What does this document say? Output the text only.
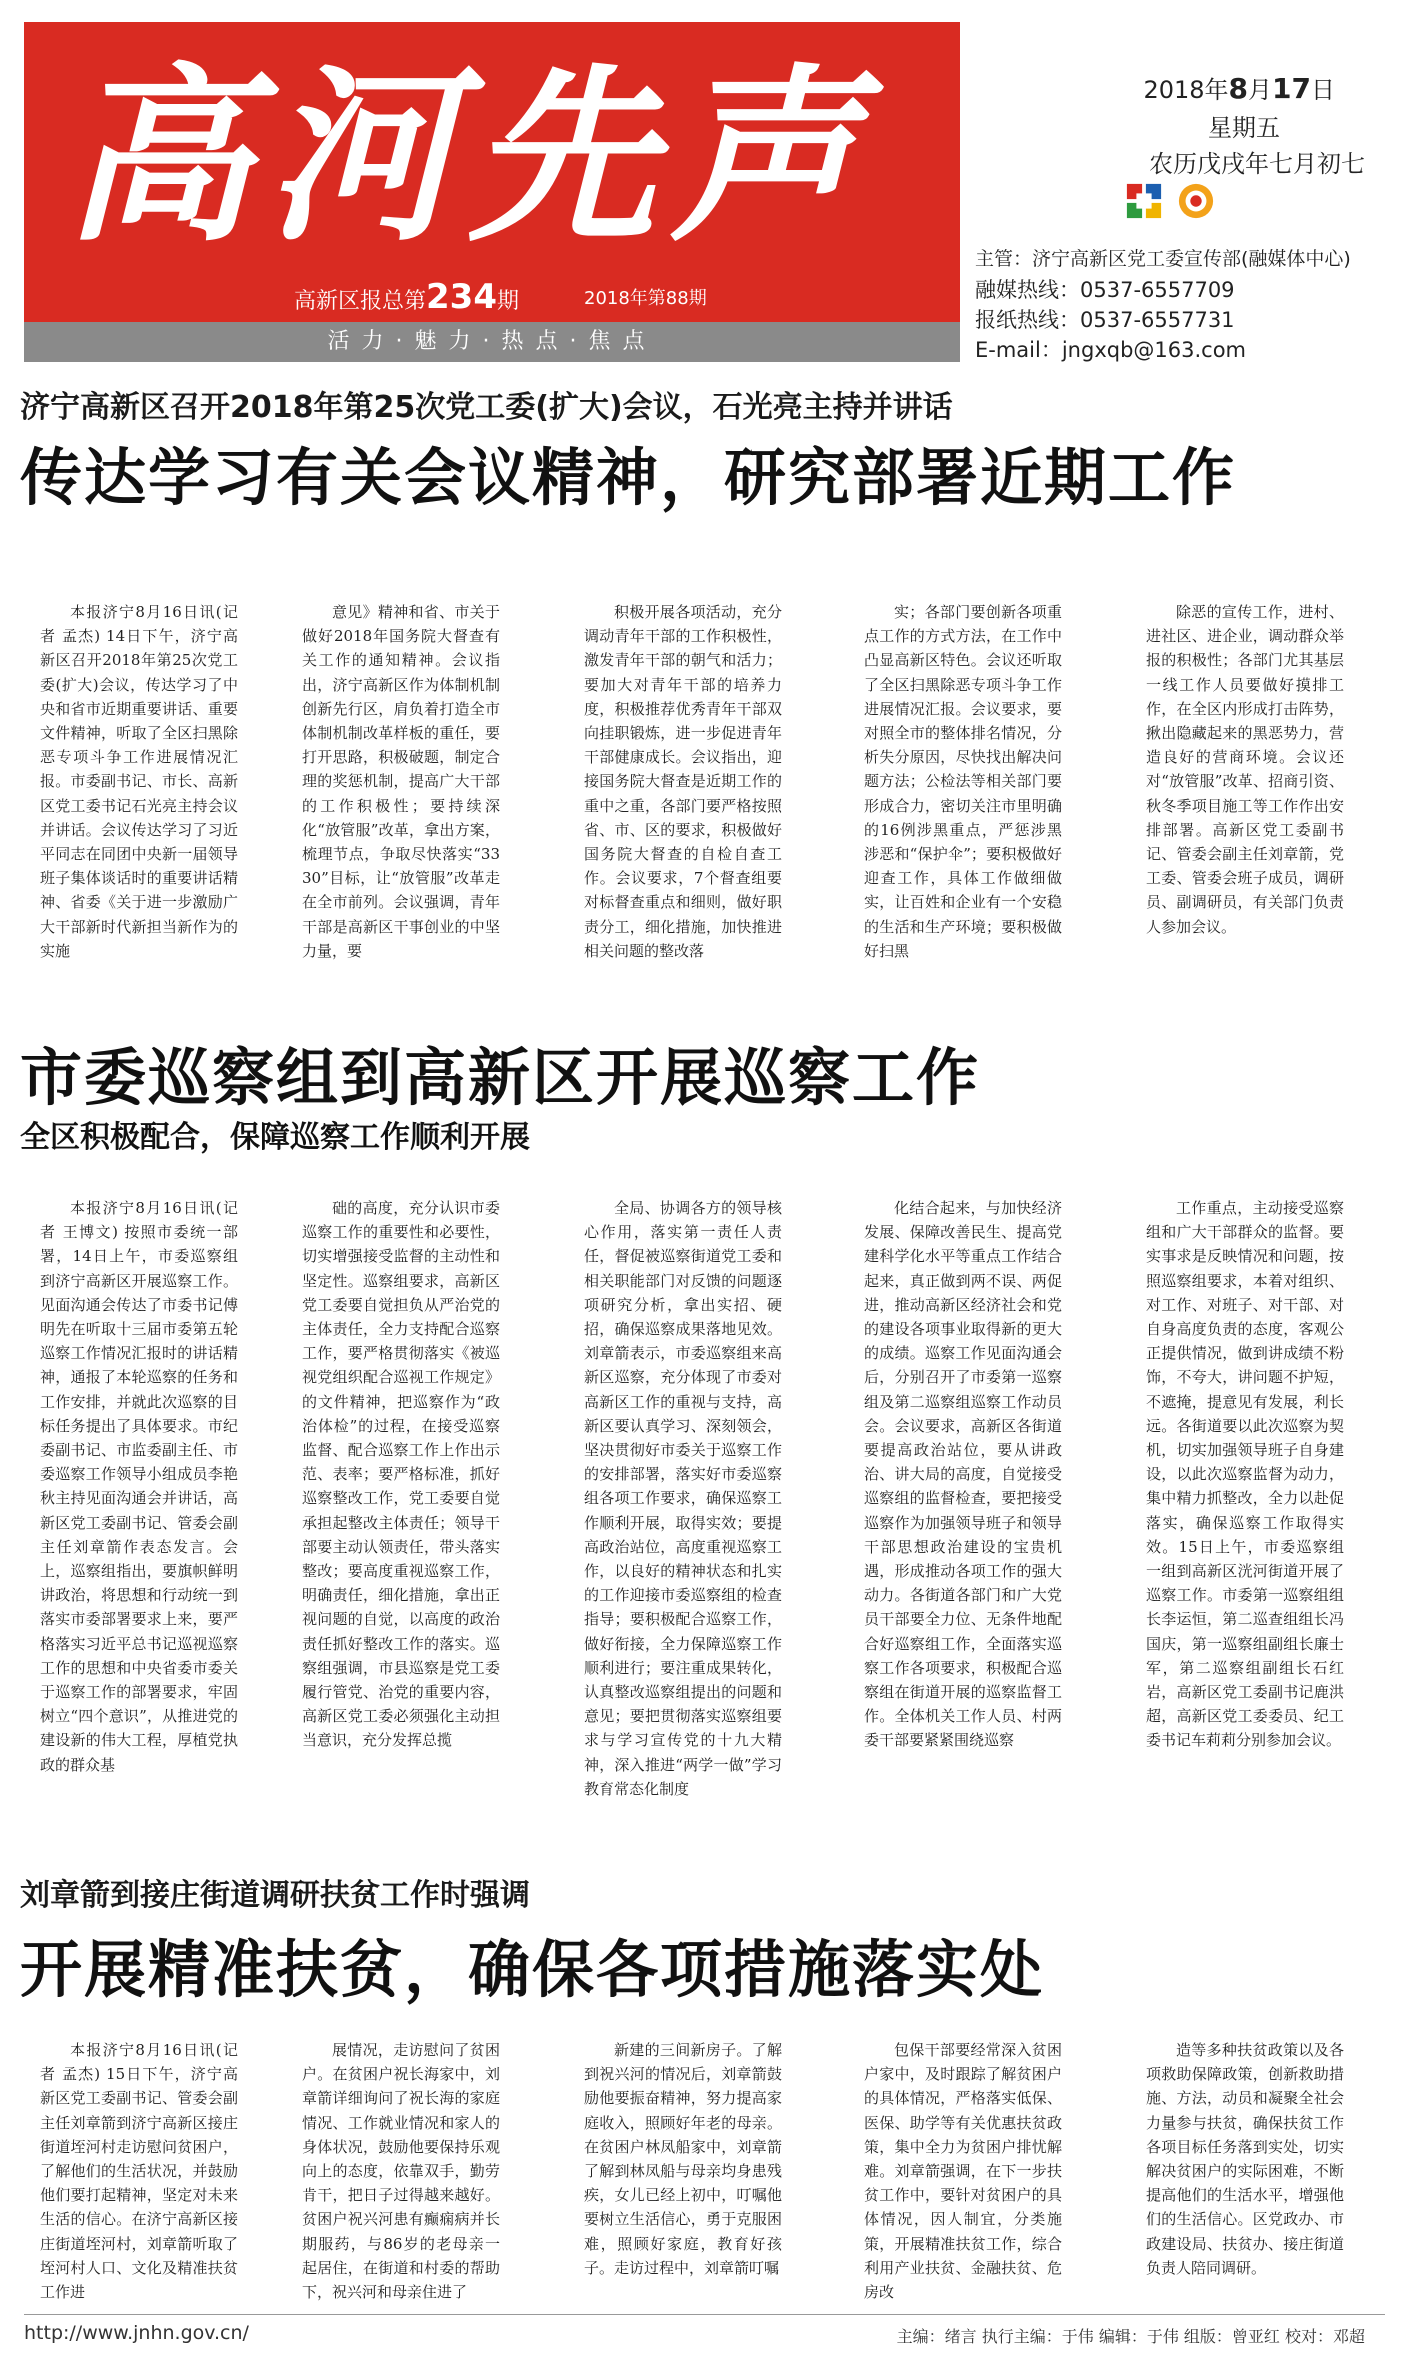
高河先声
高新区报总第234期	2018年第88期
活力·魅力·热点·焦点
2018年8月17日
星期五
农历戊戌年七月初七
主管：济宁高新区党工委宣传部(融媒体中心)
融媒热线：0537-6557709
报纸热线：0537-6557731
E-mail：jngxqb@163.com
济宁高新区召开2018年第25次党工委(扩大)会议，石光亮主持并讲话
传达学习有关会议精神，研究部署近期工作

本报济宁8月16日讯(记者 孟杰) 14日下午，济宁高新区召开2018年第25次党工委(扩大)会议，传达学习了中央和省市近期重要讲话、重要文件精神，听取了全区扫黑除恶专项斗争工作进展情况汇报。市委副书记、市长、高新区党工委书记石光亮主持会议并讲话。会议传达学习了习近平同志在同团中央新一届领导班子集体谈话时的重要讲话精神、省委《关于进一步激励广大干部新时代新担当新作为的实施

意见》精神和省、市关于做好2018年国务院大督查有关工作的通知精神。会议指出，济宁高新区作为体制机制创新先行区，肩负着打造全市体制机制改革样板的重任，要打开思路，积极破题，制定合理的奖惩机制，提高广大干部的工作积极性；要持续深化“放管服”改革，拿出方案，梳理节点，争取尽快落实“3330”目标，让“放管服”改革走在全市前列。会议强调，青年干部是高新区干事创业的中坚力量，要

积极开展各项活动，充分调动青年干部的工作积极性，激发青年干部的朝气和活力；要加大对青年干部的培养力度，积极推荐优秀青年干部双向挂职锻炼，进一步促进青年干部健康成长。会议指出，迎接国务院大督查是近期工作的重中之重，各部门要严格按照省、市、区的要求，积极做好国务院大督查的自检自查工作。会议要求，7个督查组要对标督查重点和细则，做好职责分工，细化措施，加快推进相关问题的整改落

实；各部门要创新各项重点工作的方式方法，在工作中凸显高新区特色。会议还听取了全区扫黑除恶专项斗争工作进展情况汇报。会议要求，要对照全市的整体排名情况，分析失分原因，尽快找出解决问题方法；公检法等相关部门要形成合力，密切关注市里明确的16例涉黑重点，严惩涉黑涉恶和“保护伞”；要积极做好迎查工作，具体工作做细做实，让百姓和企业有一个安稳的生活和生产环境；要积极做好扫黑

除恶的宣传工作，进村、进社区、进企业，调动群众举报的积极性；各部门尤其基层一线工作人员要做好摸排工作，在全区内形成打击阵势，揪出隐藏起来的黑恶势力，营造良好的营商环境。会议还对“放管服”改革、招商引资、秋冬季项目施工等工作作出安排部署。高新区党工委副书记、管委会副主任刘章箭，党工委、管委会班子成员，调研员、副调研员，有关部门负责人参加会议。

市委巡察组到高新区开展巡察工作
全区积极配合，保障巡察工作顺利开展

本报济宁8月16日讯(记者 王博文) 按照市委统一部署，14日上午，市委巡察组到济宁高新区开展巡察工作。见面沟通会传达了市委书记傅明先在听取十三届市委第五轮巡察工作情况汇报时的讲话精神，通报了本轮巡察的任务和工作安排，并就此次巡察的目标任务提出了具体要求。市纪委副书记、市监委副主任、市委巡察工作领导小组成员李艳秋主持见面沟通会并讲话，高新区党工委副书记、管委会副主任刘章箭作表态发言。会上，巡察组指出，要旗帜鲜明讲政治，将思想和行动统一到落实市委部署要求上来，要严格落实习近平总书记巡视巡察工作的思想和中央省委市委关于巡察工作的部署要求，牢固树立“四个意识”，从推进党的建设新的伟大工程，厚植党执政的群众基

础的高度，充分认识市委巡察工作的重要性和必要性，切实增强接受监督的主动性和坚定性。巡察组要求，高新区党工委要自觉担负从严治党的主体责任，全力支持配合巡察工作，要严格贯彻落实《被巡视党组织配合巡视工作规定》的文件精神，把巡察作为“政治体检”的过程，在接受巡察监督、配合巡察工作上作出示范、表率；要严格标准，抓好巡察整改工作，党工委要自觉承担起整改主体责任；领导干部要主动认领责任，带头落实整改；要高度重视巡察工作，明确责任，细化措施，拿出正视问题的自觉，以高度的政治责任抓好整改工作的落实。巡察组强调，市县巡察是党工委履行管党、治党的重要内容，高新区党工委必须强化主动担当意识，充分发挥总揽

全局、协调各方的领导核心作用，落实第一责任人责任，督促被巡察街道党工委和相关职能部门对反馈的问题逐项研究分析，拿出实招、硬招，确保巡察成果落地见效。刘章箭表示，市委巡察组来高新区巡察，充分体现了市委对高新区工作的重视与支持，高新区要认真学习、深刻领会，坚决贯彻好市委关于巡察工作的安排部署，落实好市委巡察组各项工作要求，确保巡察工作顺利开展，取得实效；要提高政治站位，高度重视巡察工作，以良好的精神状态和扎实的工作迎接市委巡察组的检查指导；要积极配合巡察工作，做好衔接，全力保障巡察工作顺利进行；要注重成果转化，认真整改巡察组提出的问题和意见；要把贯彻落实巡察组要求与学习宣传党的十九大精神，深入推进“两学一做”学习教育常态化制度

化结合起来，与加快经济发展、保障改善民生、提高党建科学化水平等重点工作结合起来，真正做到两不误、两促进，推动高新区经济社会和党的建设各项事业取得新的更大的成绩。巡察工作见面沟通会后，分别召开了市委第一巡察组及第二巡察组巡察工作动员会。会议要求，高新区各街道要提高政治站位，要从讲政治、讲大局的高度，自觉接受巡察组的监督检查，要把接受巡察作为加强领导班子和领导干部思想政治建设的宝贵机遇，形成推动各项工作的强大动力。各街道各部门和广大党员干部要全力位、无条件地配合好巡察组工作，全面落实巡察工作各项要求，积极配合巡察组在街道开展的巡察监督工作。全体机关工作人员、村两委干部要紧紧围绕巡察

工作重点，主动接受巡察组和广大干部群众的监督。要实事求是反映情况和问题，按照巡察组要求，本着对组织、对工作、对班子、对干部、对自身高度负责的态度，客观公正提供情况，做到讲成绩不粉饰，不夸大，讲问题不护短，不遮掩，提意见有发展，利长远。各街道要以此次巡察为契机，切实加强领导班子自身建设，以此次巡察监督为动力，集中精力抓整改，全力以赴促落实，确保巡察工作取得实效。15日上午，市委巡察组一组到高新区洸河街道开展了巡察工作。市委第一巡察组组长李运恒，第二巡查组组长冯国庆，第一巡察组副组长廉士军，第二巡察组副组长石红岩，高新区党工委副书记鹿洪超，高新区党工委委员、纪工委书记车莉莉分别参加会议。

刘章箭到接庄街道调研扶贫工作时强调
开展精准扶贫，确保各项措施落实处

本报济宁8月16日讯(记者 孟杰) 15日下午，济宁高新区党工委副书记、管委会副主任刘章箭到济宁高新区接庄街道垤河村走访慰问贫困户，了解他们的生活状况，并鼓励他们要打起精神，坚定对未来生活的信心。在济宁高新区接庄街道垤河村，刘章箭听取了垤河村人口、文化及精准扶贫工作进

展情况，走访慰问了贫困户。在贫困户祝长海家中，刘章箭详细询问了祝长海的家庭情况、工作就业情况和家人的身体状况，鼓励他要保持乐观向上的态度，依靠双手，勤劳肯干，把日子过得越来越好。贫困户祝兴河患有癫痫病并长期服药，与86岁的老母亲一起居住，在街道和村委的帮助下，祝兴河和母亲住进了

新建的三间新房子。了解到祝兴河的情况后，刘章箭鼓励他要振奋精神，努力提高家庭收入，照顾好年老的母亲。在贫困户林凤船家中，刘章箭了解到林凤船与母亲均身患残疾，女儿已经上初中，叮嘱他要树立生活信心，勇于克服困难，照顾好家庭，教育好孩子。走访过程中，刘章箭叮嘱

包保干部要经常深入贫困户家中，及时跟踪了解贫困户的具体情况，严格落实低保、医保、助学等有关优惠扶贫政策，集中全力为贫困户排忧解难。刘章箭强调，在下一步扶贫工作中，要针对贫困户的具体情况，因人制宜，分类施策，开展精准扶贫工作，综合利用产业扶贫、金融扶贫、危房改

造等多种扶贫政策以及各项救助保障政策，创新救助措施、方法，动员和凝聚全社会力量参与扶贫，确保扶贫工作各项目标任务落到实处，切实解决贫困户的实际困难，不断提高他们的生活水平，增强他们的生活信心。区党政办、市政建设局、扶贫办、接庄街道负责人陪同调研。

http://www.jnhn.gov.cn/	主编：绪言 执行主编：于伟 编辑：于伟 组版：曾亚红 校对：邓超
